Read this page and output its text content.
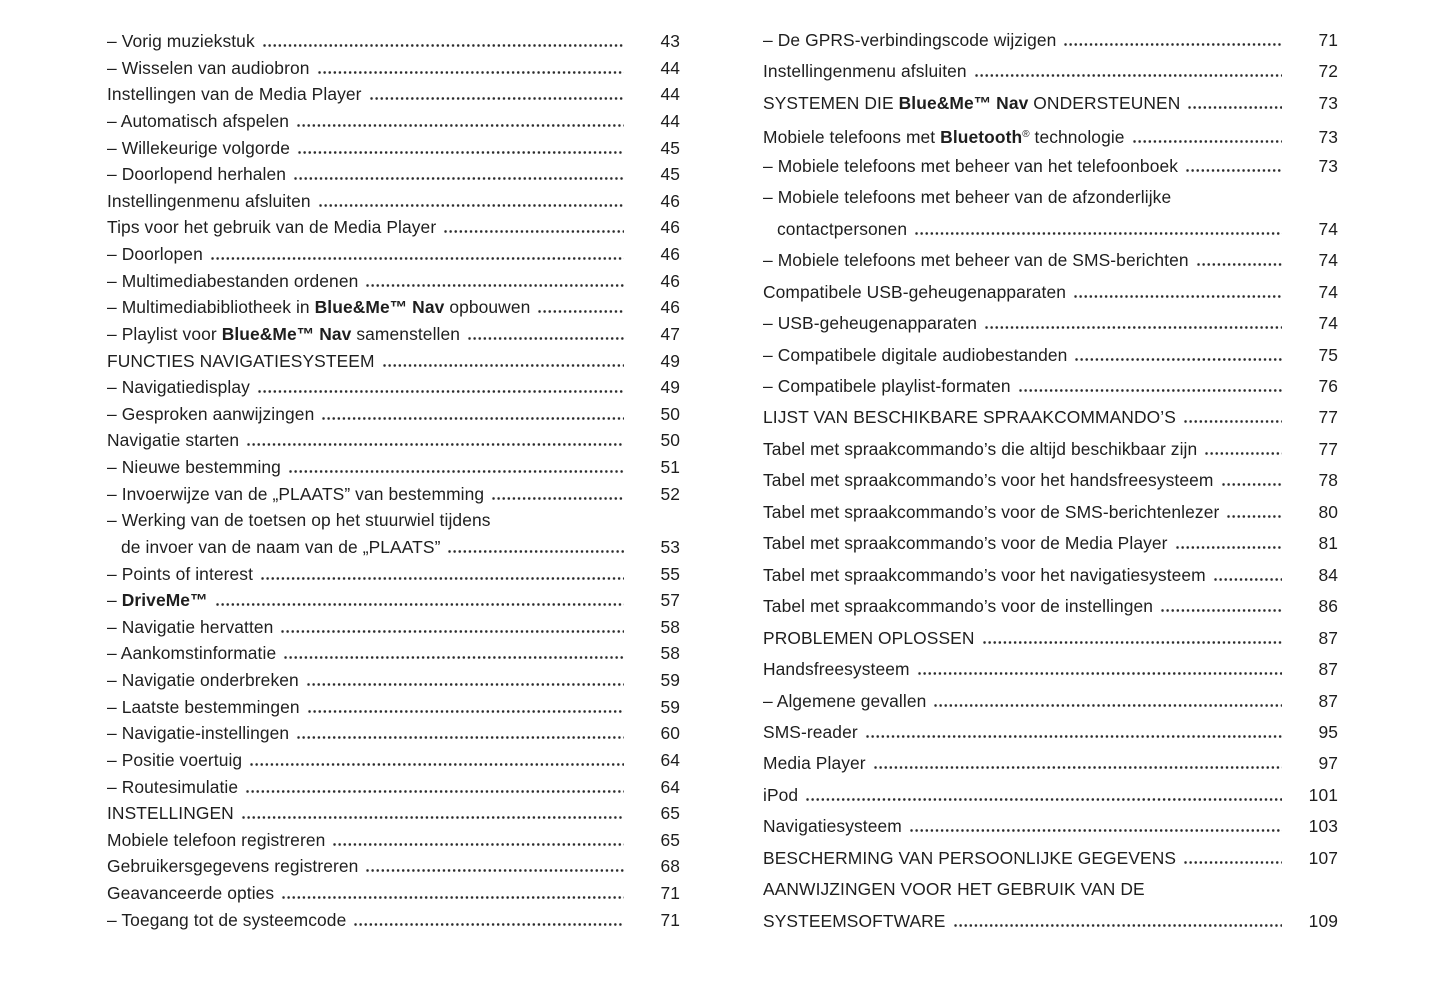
– Vorig muziekstuk	43
– Wisselen van audiobron	44
Instellingen van de Media Player	44
– Automatisch afspelen	44
– Willekeurige volgorde	45
– Doorlopend herhalen	45
Instellingenmenu afsluiten	46
Tips voor het gebruik van de Media Player	46
– Doorlopen	46
– Multimediabestanden ordenen	46
– Multimediabibliotheek in Blue&Me™ Nav opbouwen	46
– Playlist voor Blue&Me™ Nav samenstellen	47
FUNCTIES NAVIGATIESYSTEEM	49
– Navigatiedisplay	49
– Gesproken aanwijzingen	50
Navigatie starten	50
– Nieuwe bestemming	51
– Invoerwijze van de „PLAATS” van bestemming	52
– Werking van de toetsen op het stuurwiel tijdens
de invoer van de naam van de „PLAATS”	53
– Points of interest	55
– DriveMe™	57
– Navigatie hervatten	58
– Aankomstinformatie	58
– Navigatie onderbreken	59
– Laatste bestemmingen	59
– Navigatie-instellingen	60
– Positie voertuig	64
– Routesimulatie	64
INSTELLINGEN	65
Mobiele telefoon registreren	65
Gebruikersgegevens registreren	68
Geavanceerde opties	71
– Toegang tot de systeemcode	71
– De GPRS-verbindingscode wijzigen	71
Instellingenmenu afsluiten	72
SYSTEMEN DIE Blue&Me™ Nav ONDERSTEUNEN	73
Mobiele telefoons met Bluetooth® technologie	73
– Mobiele telefoons met beheer van het telefoonboek	73
– Mobiele telefoons met beheer van de afzonderlijke
contactpersonen	74
– Mobiele telefoons met beheer van de SMS-berichten	74
Compatibele USB-geheugenapparaten	74
– USB-geheugenapparaten	74
– Compatibele digitale audiobestanden	75
– Compatibele playlist-formaten	76
LIJST VAN BESCHIKBARE SPRAAKCOMMANDO’S	77
Tabel met spraakcommando’s die altijd beschikbaar zijn	77
Tabel met spraakcommando’s voor het handsfreesysteem	78
Tabel met spraakcommando’s voor de SMS-berichtenlezer	80
Tabel met spraakcommando’s voor de Media Player	81
Tabel met spraakcommando’s voor het navigatiesysteem	84
Tabel met spraakcommando’s voor de instellingen	86
PROBLEMEN OPLOSSEN	87
Handsfreesysteem	87
– Algemene gevallen	87
SMS-reader	95
Media Player	97
iPod	101
Navigatiesysteem	103
BESCHERMING VAN PERSOONLIJKE GEGEVENS	107
AANWIJZINGEN VOOR HET GEBRUIK VAN DE
SYSTEEMSOFTWARE	109
